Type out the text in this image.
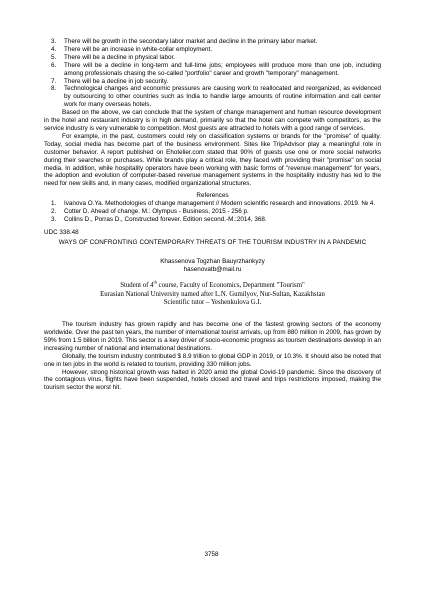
There will be growth in the secondary labor market and decline in the primary labor market.
There will be an increase in white-collar employment.
There will be a decline in physical labor.
There will be a decline in long-term and full-time jobs; employees willl produce more than one job, including among professionals chasing the so-called "portfolio" career and growth "temporary" management.
There will be a decline in job security.
Technological changes and economic pressures are causing work to reallocated and reorganized, as evidenced by outsourcing to other countries such as India to handle large amounts of routine information and call center work for many overseas hotels.

Based on the above, we can conclude that the system of change management and human resource development in the hotel and restaurant industry is in high demand, primarily so that the hotel can compete with competitors, as the service industry is very vulnerable to competition. Most guests are attracted to hotels with a good range of services.

For example, in the past, customers could rely on classification systems or brands for the "promise" of quality. Today, social media has become part of the business environment. Sites like TripAdvisor play a meaningful role in customer behavior. A report published on Ehotelier.com stated that 90% of guests use one or more social networks during their searches or purchases. While brands play a critical role, they faced with providing their "promise" on social media. In addition, while hospitality operators have been working with basic forms of "revenue management" for years, the adoption and evolution of computer-based revenue management systems in the hospitality industry has led to the need for new skills and, in many cases, modified organizational structures.

References
Ivanova O.Ya. Methodologies of change management // Modern scientific research and innovations. 2019. № 4.
Cotter D. Ahead of change. M.: Olympus - Business, 2015 - 256 p.
Collins D., Porras D., Constructed forever. Edition second.-M.:2014, 368.
UDC 338.48
WAYS OF CONFRONTING CONTEMPORARY THREATS OF THE TOURISM INDUSTRY IN A PANDEMIC
Khassenova Togzhan Bauyrzhankyzy
hasenovatb@mail.ru
Student of 4th course, Faculty of Economics, Department "Tourism"
Eurasian National University named after L.N. Gumilyov, Nur-Sultan, Kazakhstan
Scientific tutor – Yeshenkulova G.I.

The tourism industry has grown rapidly and has become one of the fastest growing sectors of the economy worldwide. Over the past ten years, the number of international tourist arrivals, up from 880 million in 2009, has grown by 59% from 1.5 billion in 2019. This sector is a key driver of socio-economic progress as tourism destinations develop in an increasing number of national and international destinations.

Globally, the tourism industry contributed $ 8.9 trillion to global GDP in 2019, or 10.3%. It should also be noted that one in ten jobs in the world is related to tourism, providing 330 million jobs.

However, strong historical growth was halted in 2020 amid the global Covid-19 pandemic. Since the discovery of the contagious virus, flights have been suspended, hotels closed and travel and trips restrictions imposed, making the tourism sector the worst hit.

3758
